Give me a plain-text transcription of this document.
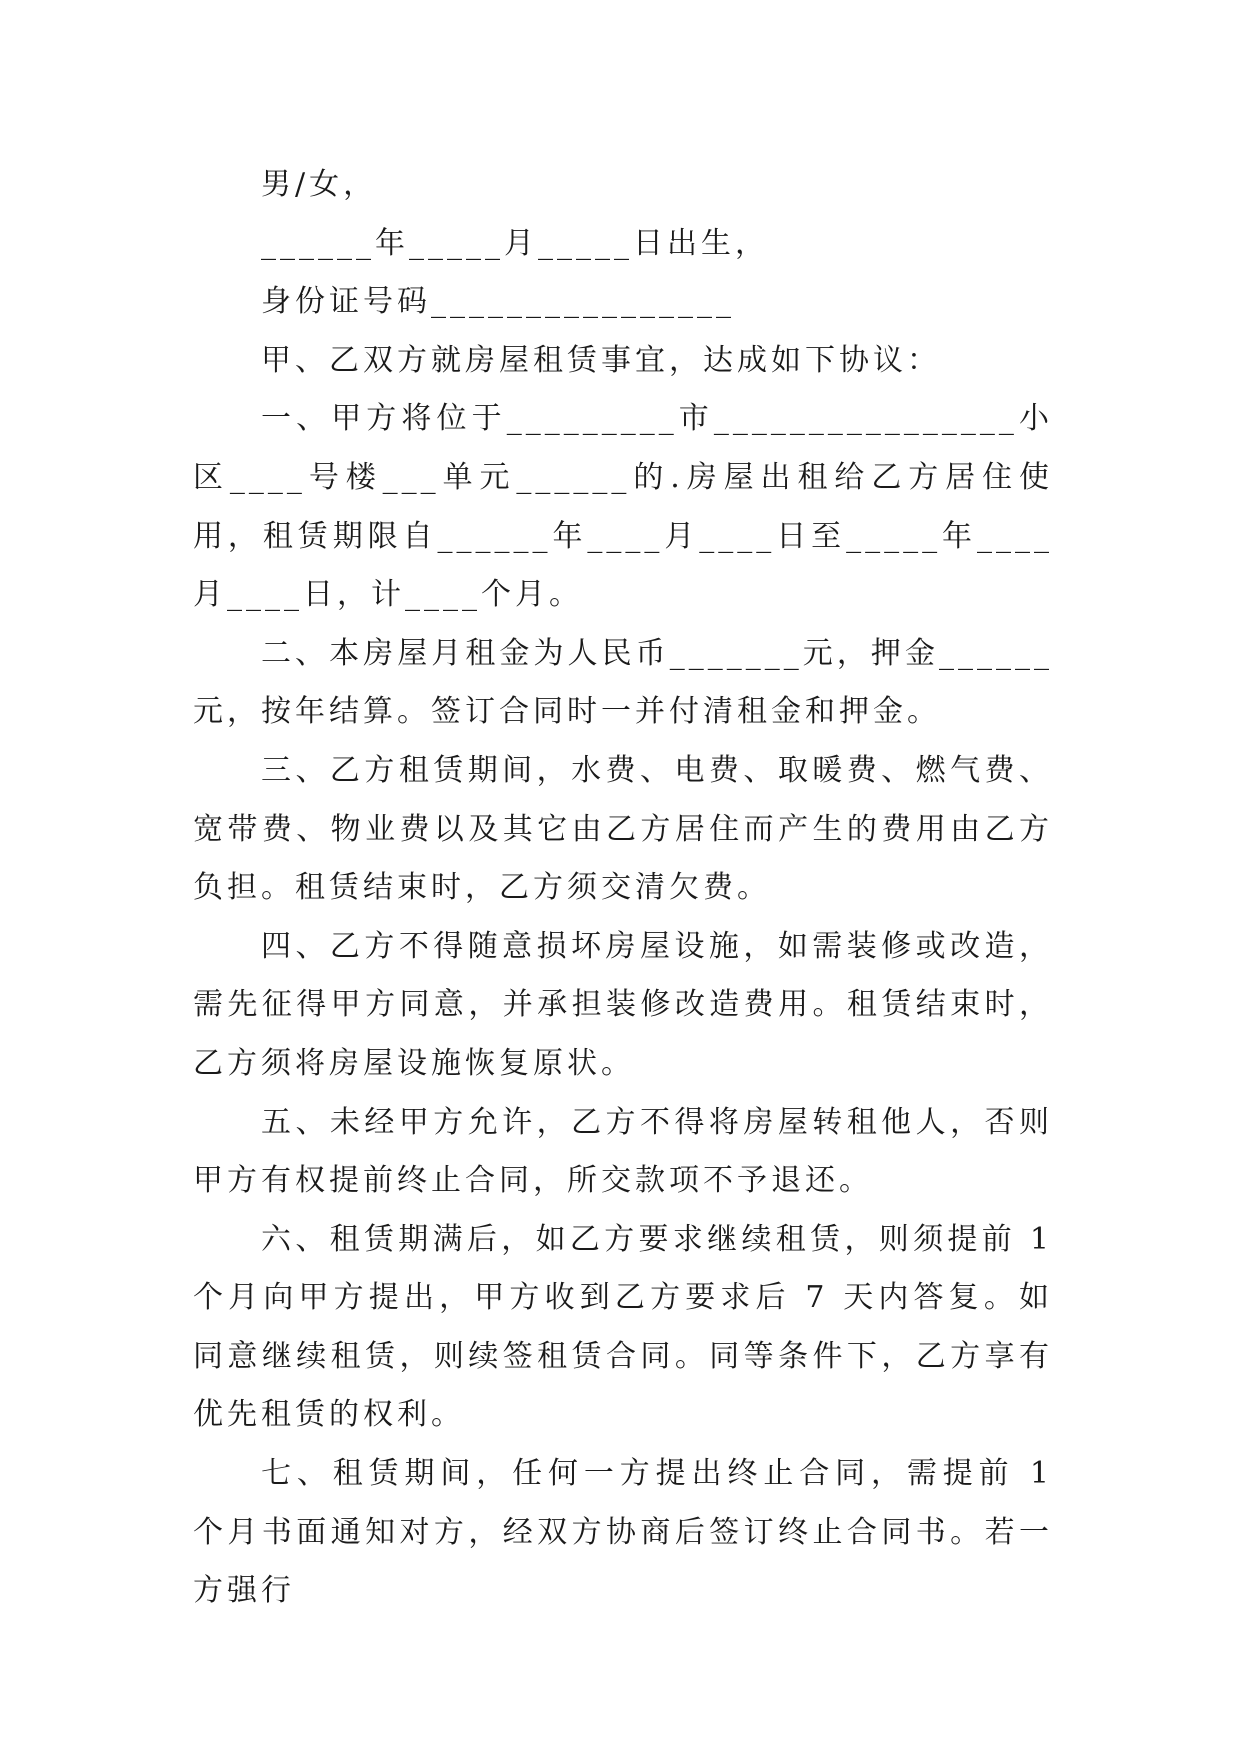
男/女，

______年_____月_____日出生，

身份证号码________________

甲、乙双方就房屋租赁事宜，达成如下协议：

一、甲方将位于_________市________________小区____号楼___单元______的.房屋出租给乙方居住使用，租赁期限自______年____月____日至_____年____月____日，计____个月。

二、本房屋月租金为人民币_______元，押金______元，按年结算。签订合同时一并付清租金和押金。

三、乙方租赁期间，水费、电费、取暖费、燃气费、宽带费、物业费以及其它由乙方居住而产生的费用由乙方负担。租赁结束时，乙方须交清欠费。

四、乙方不得随意损坏房屋设施，如需装修或改造，需先征得甲方同意，并承担装修改造费用。租赁结束时，乙方须将房屋设施恢复原状。

五、未经甲方允许，乙方不得将房屋转租他人，否则甲方有权提前终止合同，所交款项不予退还。

六、租赁期满后，如乙方要求继续租赁，则须提前 1 个月向甲方提出，甲方收到乙方要求后 7 天内答复。如同意继续租赁，则续签租赁合同。同等条件下，乙方享有优先租赁的权利。

七、租赁期间，任何一方提出终止合同，需提前 1 个月书面通知对方，经双方协商后签订终止合同书。若一方强行
